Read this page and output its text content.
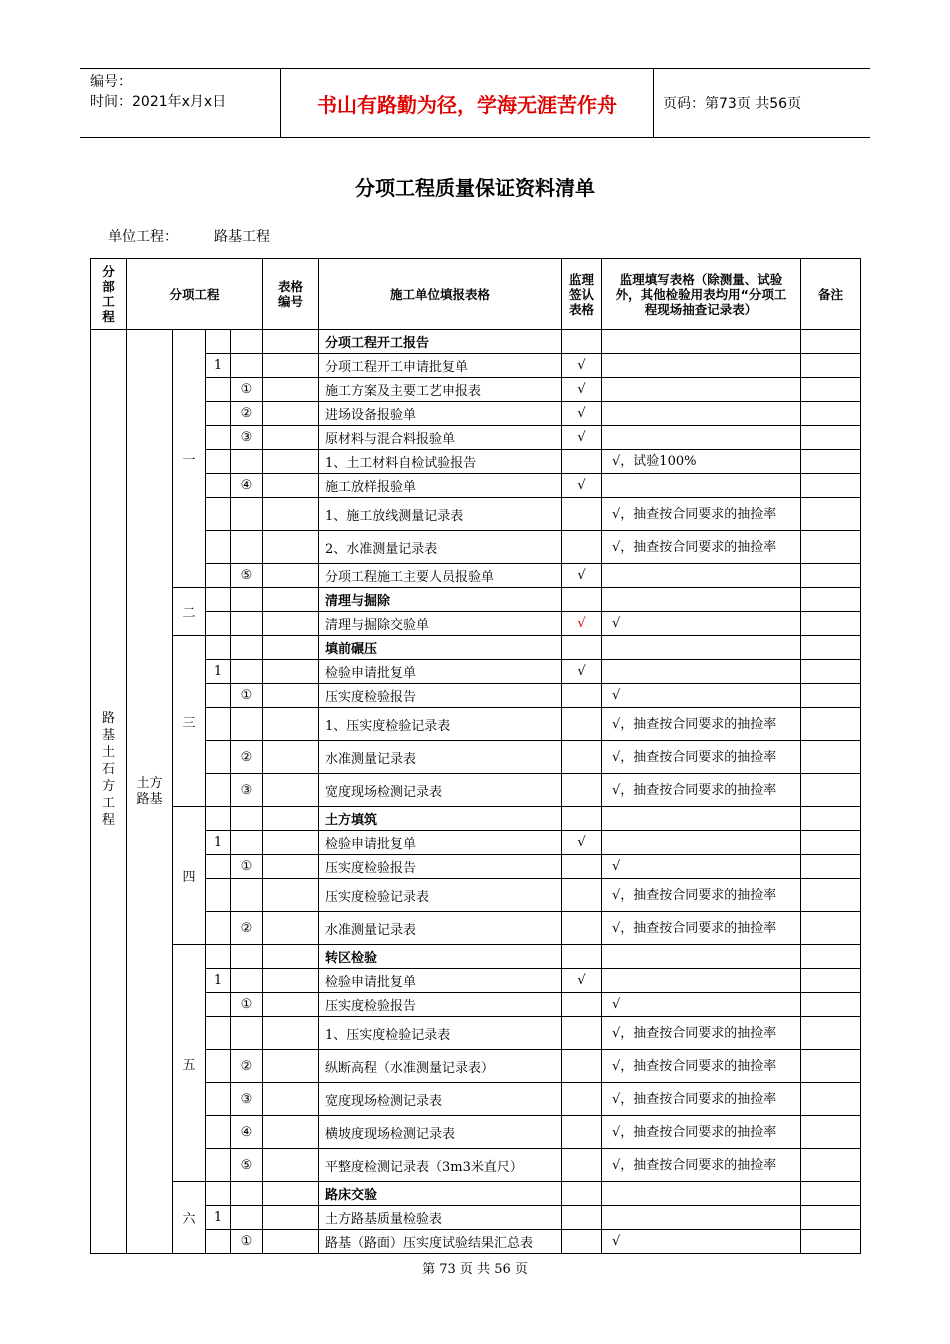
编号：
时间：2021年x月x日	书山有路勤为径，学海无涯苦作舟	页码：第73页 共56页
分项工程质量保证资料清单
单位工程：	路基工程
分部工程	分项工程				表格编号	施工单位填报表格	监理签认表格	监理填写表格（除测量、试验外，其他检验用表均用“分项工程现场抽查记录表）	备注
路基土石方工程	土方路基	一				分项工程开工报告			
			1			分项工程开工申请批复单	√		
				①		施工方案及主要工艺申报表	√		
				②		进场设备报验单	√		
				③		原材料与混合料报验单	√		
						1、土工材料自检试验报告		√，试验100%	
				④		施工放样报验单	√		
						1、施工放线测量记录表		√，抽查按合同要求的抽捡率	
						2、水准测量记录表		√，抽查按合同要求的抽捡率	
				⑤		分项工程施工主要人员报验单	√		
		二				清理与掘除			
						清理与掘除交验单	√	√	
		三				填前碾压			
			1			检验申请批复单	√		
				①		压实度检验报告		√	
						1、压实度检验记录表		√，抽查按合同要求的抽捡率	
				②		水准测量记录表		√，抽查按合同要求的抽捡率	
				③		宽度现场检测记录表		√，抽查按合同要求的抽捡率	
		四				土方填筑			
			1			检验申请批复单	√		
				①		压实度检验报告		√	
						压实度检验记录表		√，抽查按合同要求的抽捡率	
				②		水准测量记录表		√，抽查按合同要求的抽捡率	
		五				转区检验			
			1			检验申请批复单	√		
				①		压实度检验报告		√	
						1、压实度检验记录表		√，抽查按合同要求的抽捡率	
				②		纵断高程（水准测量记录表）		√，抽查按合同要求的抽捡率	
				③		宽度现场检测记录表		√，抽查按合同要求的抽捡率	
				④		横坡度现场检测记录表		√，抽查按合同要求的抽捡率	
				⑤		平整度检测记录表（3m3米直尺）		√，抽查按合同要求的抽捡率	
		六				路床交验			
			1			土方路基质量检验表			
				①		路基（路面）压实度试验结果汇总表		√	
第 73 页 共 56 页
